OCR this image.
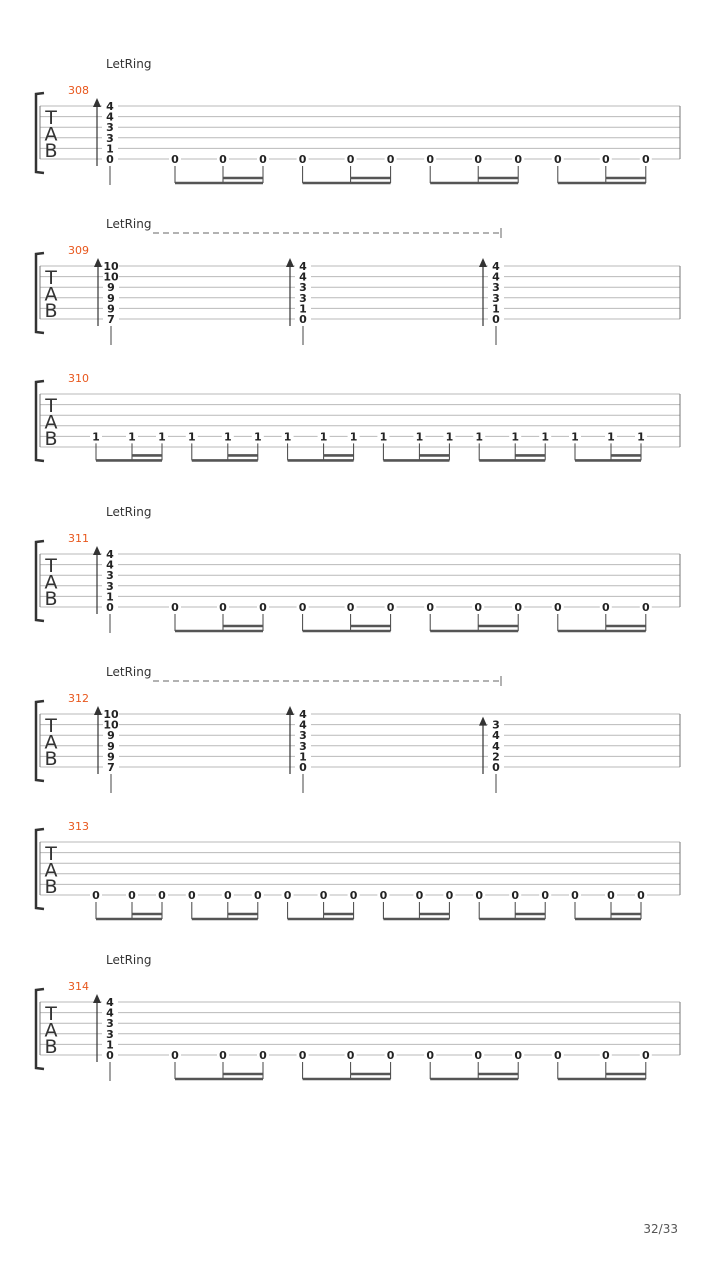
T
A
B
308
LetRing
0
1
3
3
4
4
0	0	0	0	0	0	0	0	0	0	0	0
T
A
B
309
LetRing
7
9
9
9
10
10
0
1
3
3
4
4
0
1
3
3
4
4
T
A
B
310
1	1 1 1	1 1 1	1 1 1	1 1 1	1 1 1	1 1
T
A
B
311
LetRing
0
1
3
3
4
4
0	0	0	0	0	0	0	0	0	0	0	0
T
A
B
312
LetRing
7
9
9
9
10
10
0
1
3
3
4
4
0
2
4
4
3
T
A
B
313
0	0 0 0	0 0 0	0 0 0	0 0 0	0 0 0	0 0
T
A
B
314
LetRing
0
1
3
3
4
4
0	0	0	0	0	0	0	0	0	0	0	0
32/33
